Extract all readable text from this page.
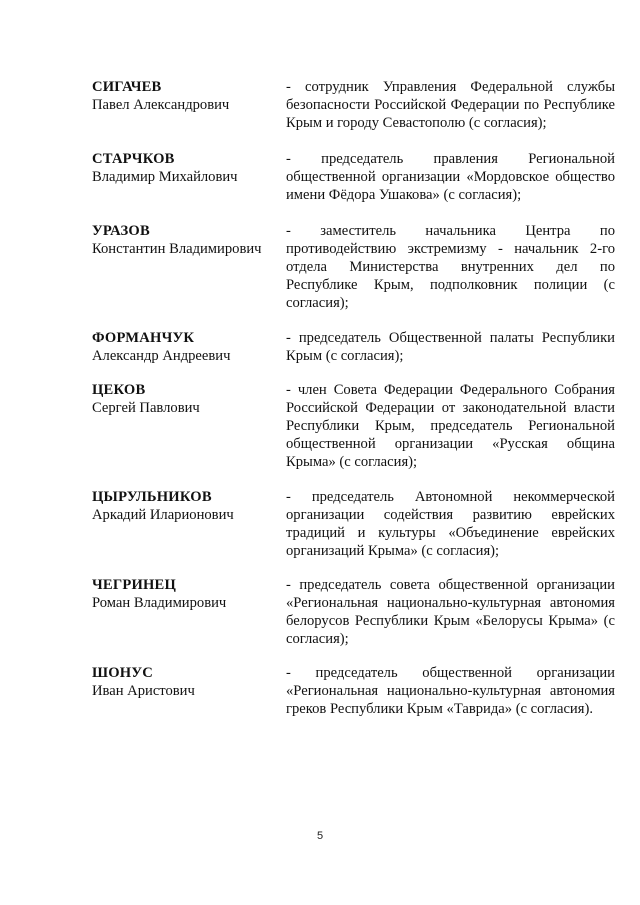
СИГАЧЕВ
Павел Александрович
- сотрудник Управления Федеральной службы безопасности Российской Федерации по Республике Крым и городу Севастополю (с согласия);
СТАРЧКОВ
Владимир Михайлович
- председатель правления Региональной общественной организации «Мордовское общество имени Фёдора Ушакова» (с согласия);
УРАЗОВ
Константин Владимирович
- заместитель начальника Центра по противодействию экстремизму - начальник 2-го отдела Министерства внутренних дел по Республике Крым, подполковник полиции (с согласия);
ФОРМАНЧУК
Александр Андреевич
- председатель Общественной палаты Республики Крым (с согласия);
ЦЕКОВ
Сергей Павлович
- член Совета Федерации Федерального Собрания Российской Федерации от законодательной власти Республики Крым, председатель Региональной общественной организации «Русская община Крыма» (с согласия);
ЦЫРУЛЬНИКОВ
Аркадий Иларионович
- председатель Автономной некоммерческой организации содействия развитию еврейских традиций и культуры «Объединение еврейских организаций Крыма» (с согласия);
ЧЕГРИНЕЦ
Роман Владимирович
- председатель совета общественной организации «Региональная национально-культурная автономия белорусов Республики Крым «Белорусы Крыма» (с согласия);
ШОНУС
Иван Аристович
- председатель общественной организации «Региональная национально-культурная автономия греков Республики Крым «Таврида» (с согласия).
5
